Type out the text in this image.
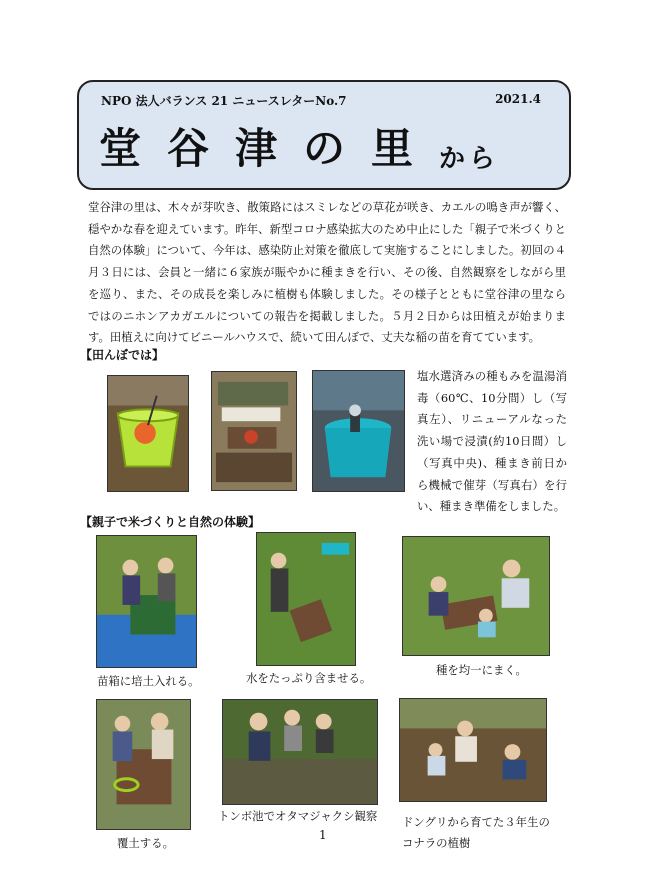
NPO 法人バランス 21 ニュースレターNo.7	2021.4
堂谷津の里から
堂谷津の里は、木々が芽吹き、散策路にはスミレなどの草花が咲き、カエルの鳴き声が響く、穏やかな春を迎えています。昨年、新型コロナ感染拡大のため中止にした「親子で米づくりと自然の体験」について、今年は、感染防止対策を徹底して実施することにしました。初回の４月３日には、会員と一緒に６家族が賑やかに種まきを行い、その後、自然観察をしながら里を巡り、また、その成長を楽しみに植樹も体験しました。その様子とともに堂谷津の里ならではのニホンアカガエルについての報告を掲載しました。５月２日からは田植えが始まります。田植えに向けてビニールハウスで、続いて田んぼで、丈夫な稲の苗を育てています。
【田んぼでは】
塩水選済みの種もみを温湯消毒（60℃、10分間）し（写真左）、リニューアルなった洗い場で浸漬(約10日間）し（写真中央)、種まき前日から機械で催芽（写真右）を行い、種まき準備をしました。
【親子で米づくりと自然の体験】
苗箱に培土入れる。	水をたっぷり含ませる。
種を均一にまく。
トンボ池でオタマジャクシ観察 ドングリから育てた３年生の
コナラの植樹
覆土する。
1
